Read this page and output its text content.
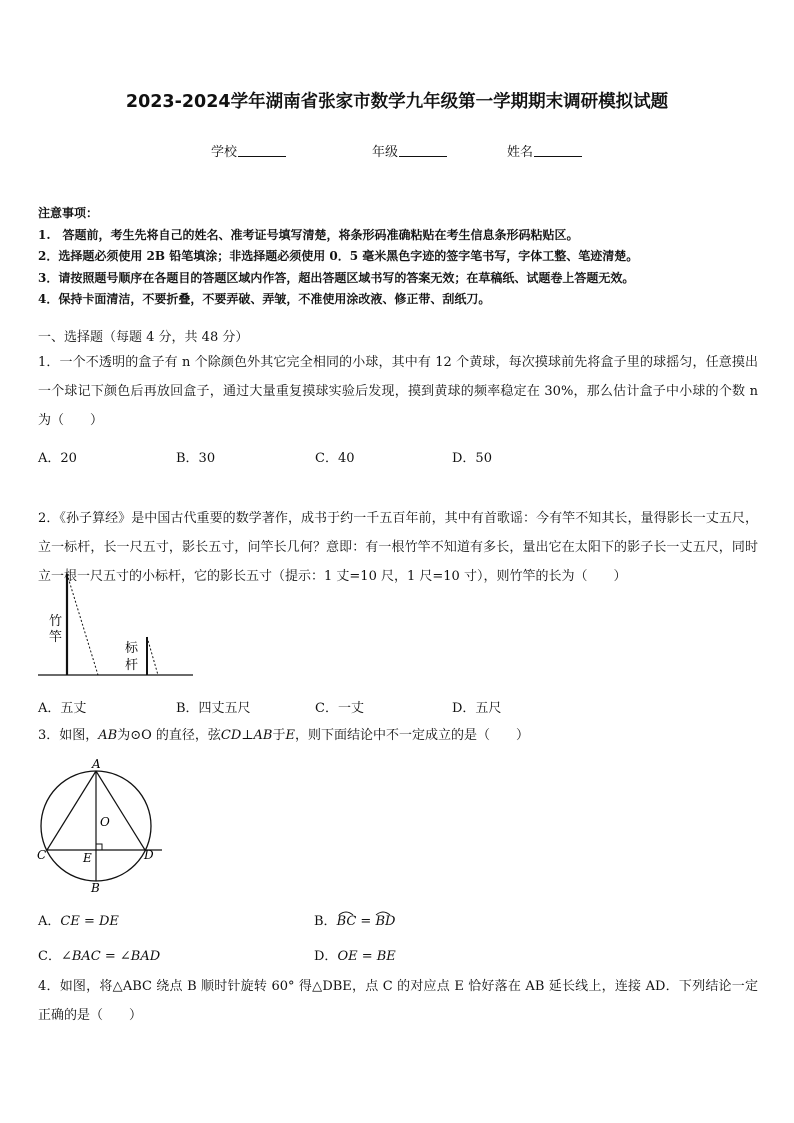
2023-2024学年湖南省张家市数学九年级第一学期期末调研模拟试题
学校	年级	姓名
注意事项：
1.　答题前，考生先将自己的姓名、准考证号填写清楚，将条形码准确粘贴在考生信息条形码粘贴区。
2．选择题必须使用 2B 铅笔填涂；非选择题必须使用 0．5 毫米黑色字迹的签字笔书写，字体工整、笔迹清楚。
3．请按照题号顺序在各题目的答题区域内作答，超出答题区域书写的答案无效；在草稿纸、试题卷上答题无效。
4．保持卡面清洁，不要折叠，不要弄破、弄皱，不准使用涂改液、修正带、刮纸刀。
一、选择题（每题 4 分，共 48 分）
1．一个不透明的盒子有 n 个除颜色外其它完全相同的小球，其中有 12 个黄球，每次摸球前先将盒子里的球摇匀，任意摸出一个球记下颜色后再放回盒子，通过大量重复摸球实验后发现，摸到黄球的频率稳定在 30%，那么估计盒子中小球的个数 n 为（　　）
A．20	B．30	C．40	D．50
2．《孙子算经》是中国古代重要的数学著作，成书于约一千五百年前，其中有首歌谣：今有竿不知其长，量得影长一丈五尺，立一标杆，长一尺五寸，影长五寸，问竿长几何？意即：有一根竹竿不知道有多长，量出它在太阳下的影子长一丈五尺，同时立一根一尺五寸的小标杆，它的影长五寸（提示：1 丈=10 尺，1 尺=10 寸），则竹竿的长为（　　）
竹
竿
标
杆
A．五丈	B．四丈五尺	C．一丈	D．五尺
3．如图，AB为⊙O 的直径，弦CD⊥AB于E，则下面结论中不一定成立的是（　　）
A
O
C	E	D
B
A．CE = DE	B．BC = BD
C．∠BAC = ∠BAD	D．OE = BE
4．如图，将△ABC 绕点 B 顺时针旋转 60° 得△DBE，点 C 的对应点 E 恰好落在 AB 延长线上，连接 AD．下列结论一定正确的是（　　）
